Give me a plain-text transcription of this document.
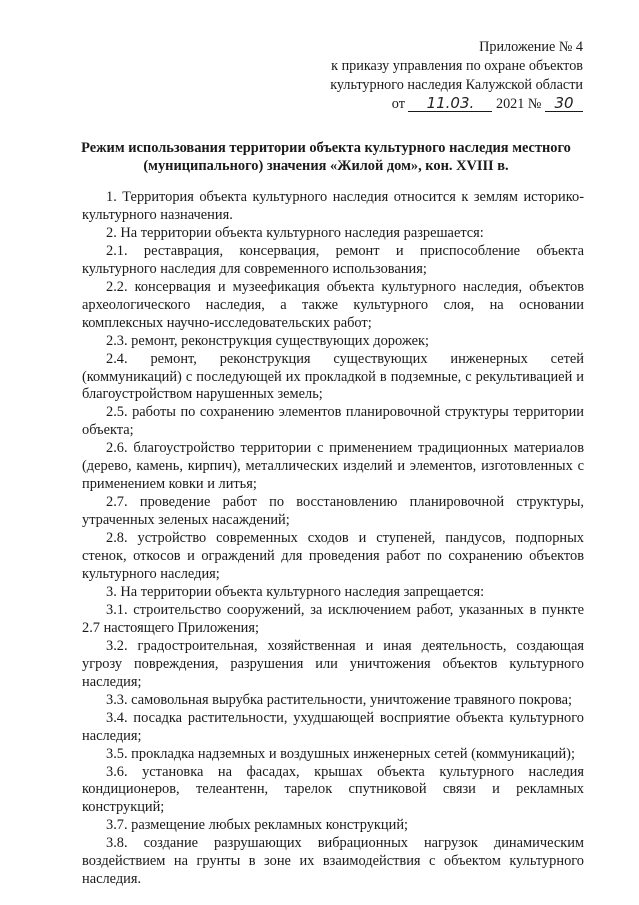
Приложение № 4
к приказу управления по охране объектов
культурного наследия Калужской области
от 11.03. 2021 № 30
Режим использования территории объекта культурного наследия местного
(муниципального) значения «Жилой дом», кон. XVIII в.

1. Территория объекта культурного наследия относится к землям историко-культурного назначения.

2. На территории объекта культурного наследия разрешается:

2.1. реставрация, консервация, ремонт и приспособление объекта культурного наследия для современного использования;

2.2. консервация и музеефикация объекта культурного наследия, объектов археологического наследия, а также культурного слоя, на основании комплексных научно-исследовательских работ;

2.3. ремонт, реконструкция существующих дорожек;

2.4. ремонт, реконструкция существующих инженерных сетей (коммуникаций) с последующей их прокладкой в подземные, с рекультивацией и благоустройством нарушенных земель;

2.5. работы по сохранению элементов планировочной структуры территории объекта;

2.6. благоустройство территории с применением традиционных материалов (дерево, камень, кирпич), металлических изделий и элементов, изготовленных с применением ковки и литья;

2.7. проведение работ по восстановлению планировочной структуры, утраченных зеленых насаждений;

2.8. устройство современных сходов и ступеней, пандусов, подпорных стенок, откосов и ограждений для проведения работ по сохранению объектов культурного наследия;

3. На территории объекта культурного наследия запрещается:

3.1. строительство сооружений, за исключением работ, указанных в пункте 2.7 настоящего Приложения;

3.2. градостроительная, хозяйственная и иная деятельность, создающая угрозу повреждения, разрушения или уничтожения объектов культурного наследия;

3.3. самовольная вырубка растительности, уничтожение травяного покрова;

3.4. посадка растительности, ухудшающей восприятие объекта культурного наследия;

3.5. прокладка надземных и воздушных инженерных сетей (коммуникаций);

3.6. установка на фасадах, крышах объекта культурного наследия кондиционеров, телеантенн, тарелок спутниковой связи и рекламных конструкций;

3.7. размещение любых рекламных конструкций;

3.8. создание разрушающих вибрационных нагрузок динамическим воздействием на грунты в зоне их взаимодействия с объектом культурного наследия.
